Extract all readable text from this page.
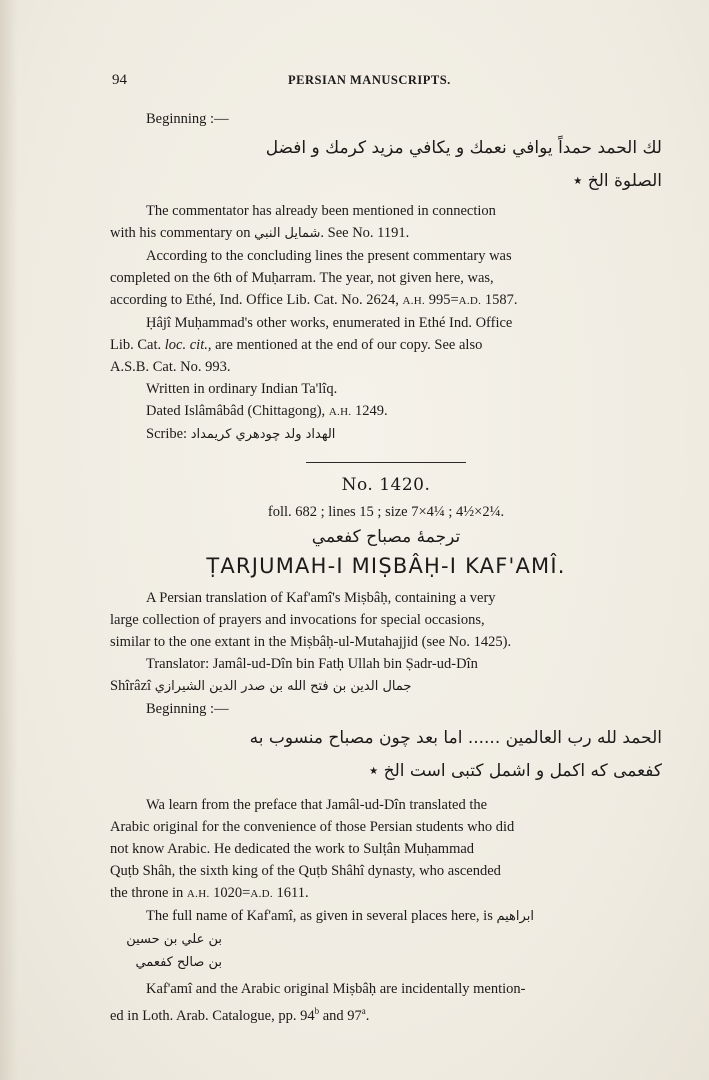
94	PERSIAN MANUSCRIPTS.

Beginning :—

لك الحمد حمداً يوافي نعمك و يكافي مزيد كرمك و افضل

الصلوة الخ ٭

The commentator has already been mentioned in connection

with his commentary on شمايل النبي. See No. 1191.

According to the concluding lines the present commentary was

completed on the 6th of Muḥarram. The year, not given here, was,

according to Ethé, Ind. Office Lib. Cat. No. 2624, A.H. 995=A.D. 1587.

Ḥâjî Muḥammad's other works, enumerated in Ethé Ind. Office

Lib. Cat. loc. cit., are mentioned at the end of our copy. See also

A.S.B. Cat. No. 993.

Written in ordinary Indian Ta'lîq.

Dated Islâmâbâd (Chittagong), A.H. 1249.

Scribe: الهداد ولد چودهري کريمداد

No. 1420.

foll. 682 ; lines 15 ; size 7×4¼ ; 4½×2¼.

ترجمهٔ مصباح کفعمي

ṬARJUMAH-I MIṢBÂḤ-I KAF'AMÎ.

A Persian translation of Kaf'amî's Miṣbâḥ, containing a very

large collection of prayers and invocations for special occasions,

similar to the one extant in the Miṣbâḥ-ul-Mutahajjid (see No. 1425).

Translator: Jamâl-ud-Dîn bin Fatḥ Ullah bin Ṣadr-ud-Dîn

Shîrâzî جمال الدين بن فتح الله بن صدر الدين الشيرازي

Beginning :—

الحمد لله رب العالمين ...... اما بعد چون مصباح منسوب به

كفعمى كه اكمل و اشمل كتبى است الخ ٭

Wa learn from the preface that Jamâl-ud-Dîn translated the

Arabic original for the convenience of those Persian students who did

not know Arabic. He dedicated the work to Sulṭân Muḥammad

Quṭb Shâh, the sixth king of the Quṭb Shâhî dynasty, who ascended

the throne in A.H. 1020=A.D. 1611.

The full name of Kaf'amî, as given in several places here, is ابراهيم

بن علي بن حسين بن صالح كفعمي

Kaf'amî and the Arabic original Miṣbâḥ are incidentally mention-

ed in Loth. Arab. Catalogue, pp. 94$^b$ and 97$^a$.
